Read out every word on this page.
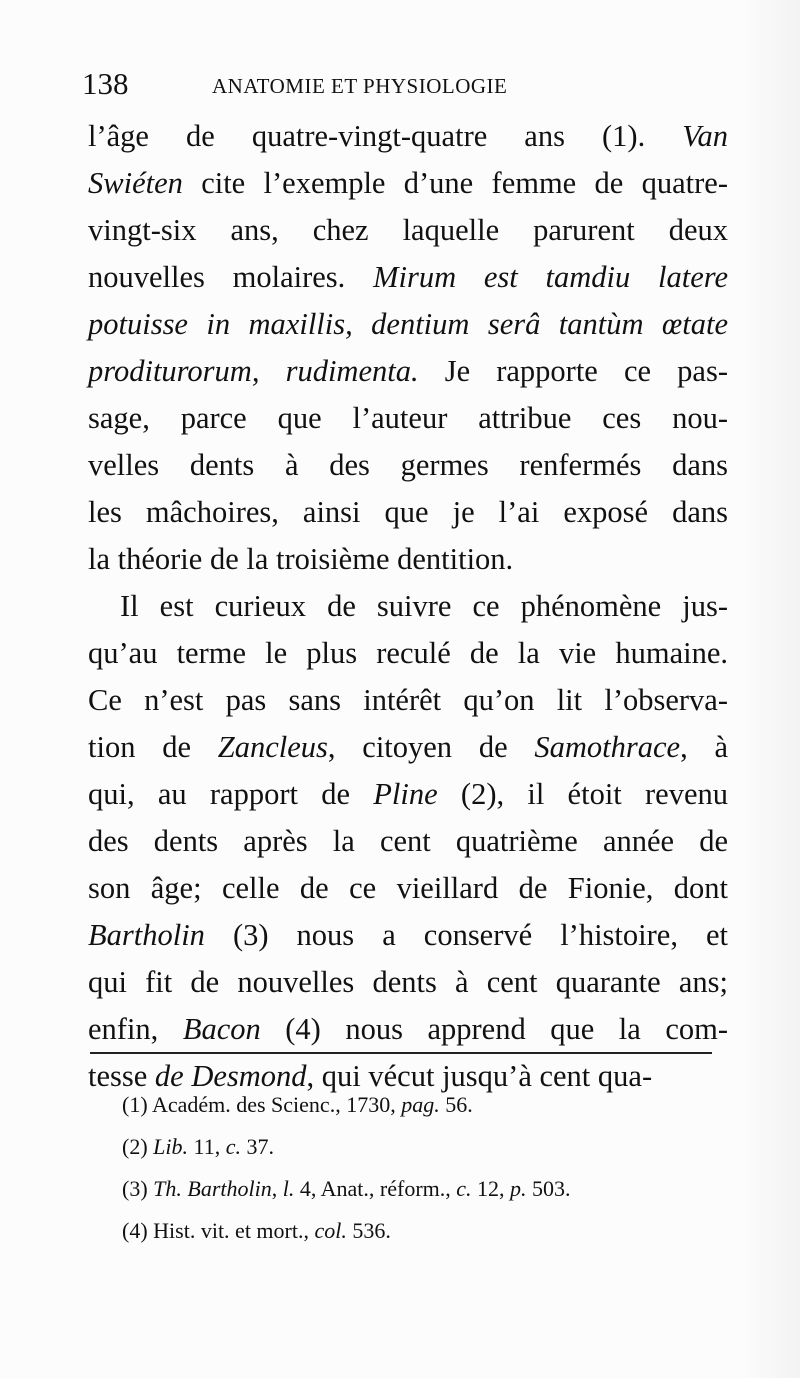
138	ANATOMIE ET PHYSIOLOGIE
l’âge de quatre-vingt-quatre ans (1). Van
Swiéten cite l’exemple d’une femme de quatre-
vingt-six ans, chez laquelle parurent deux
nouvelles molaires. Mirum est tamdiu latere
potuisse in maxillis, dentium serâ tantùm œtate
proditurorum, rudimenta. Je rapporte ce pas-
sage, parce que l’auteur attribue ces nou-
velles dents à des germes renfermés dans
les mâchoires, ainsi que je l’ai exposé dans
la théorie de la troisième dentition.
Il est curieux de suivre ce phénomène jus-
qu’au terme le plus reculé de la vie humaine.
Ce n’est pas sans intérêt qu’on lit l’observa-
tion de Zancleus, citoyen de Samothrace, à
qui, au rapport de Pline (2), il étoit revenu
des dents après la cent quatrième année de
son âge; celle de ce vieillard de Fionie, dont
Bartholin (3) nous a conservé l’histoire, et
qui fit de nouvelles dents à cent quarante ans;
enfin, Bacon (4) nous apprend que la com-
tesse de Desmond, qui vécut jusqu’à cent qua-
(1) Académ. des Scienc., 1730, pag. 56.
(2) Lib. 11, c. 37.
(3) Th. Bartholin, l. 4, Anat., réform., c. 12, p. 503.
(4) Hist. vit. et mort., col. 536.
